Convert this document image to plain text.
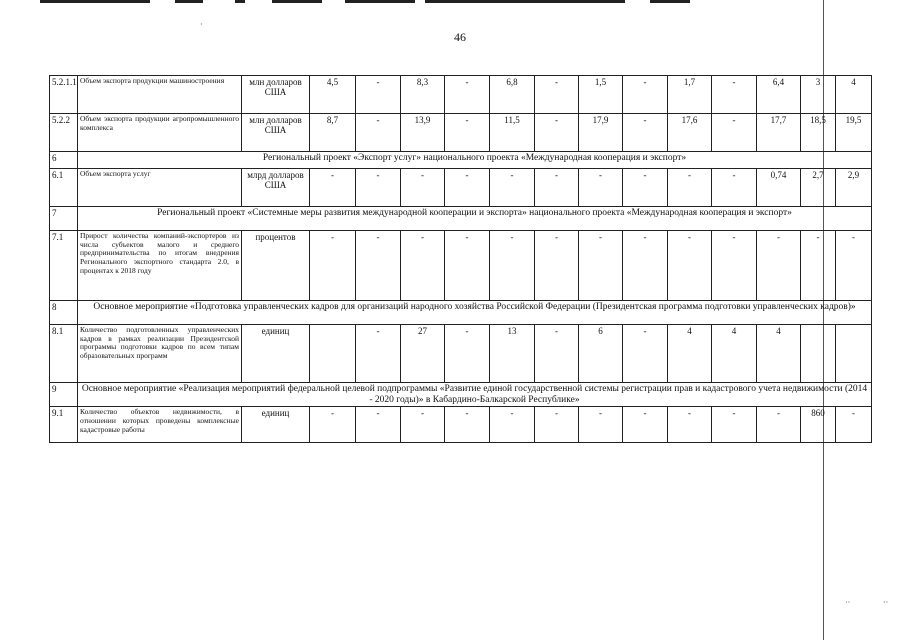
·
··	··
46
5.2.1.1	Объем экспорта продукции машиностроения	млн долларов США	4,5	-	8,3	-	6,8	-	1,5	-	1,7	-	6,4	3	4
5.2.2	Объем экспорта продукции агропромышленного комплекса	млн долларов США	8,7	-	13,9	-	11,5	-	17,9	-	17,6	-	17,7	18,5	19,5
6	Региональный проект «Экспорт услуг» национального проекта «Международная кооперация и экспорт»														
6.1	Объем экспорта услуг	млрд долларов США	-	-	-	-	-	-	-	-	-	-	0,74	2,7	2,9
7	Региональный проект «Системные меры развития международной кооперации и экспорта» национального проекта «Международная кооперация и экспорт»														
7.1	Прирост количества компаний-экспортеров из числа субъектов малого и среднего предпринимательства по итогам внедрения Регионального экспортного стандарта 2.0, в процентах к 2018 году	процентов	-	-	-	-	-	-	-	-	-	-	-	-	-
8	Основное мероприятие «Подготовка управленческих кадров для организаций народного хозяйства Российской Федерации (Президентская программа подготовки управленческих кадров)»														
8.1	Количество подготовленных управленческих кадров в рамках реализации Президентской программы подготовки кадров по всем типам образовательных программ	единиц		-	27	-	13	-	6	-	4	4	4		
9	Основное мероприятие «Реализация мероприятий федеральной целевой подпрограммы «Развитие единой государственной системы регистрации прав и кадастрового учета недвижимости (2014 - 2020 годы)» в Кабардино-Балкарской Республике»														
9.1	Количество объектов недвижимости, в отношении которых проведены комплексные кадастровые работы	единиц	-	-	-	-	-	-	-	-	-	-	-	860	-
